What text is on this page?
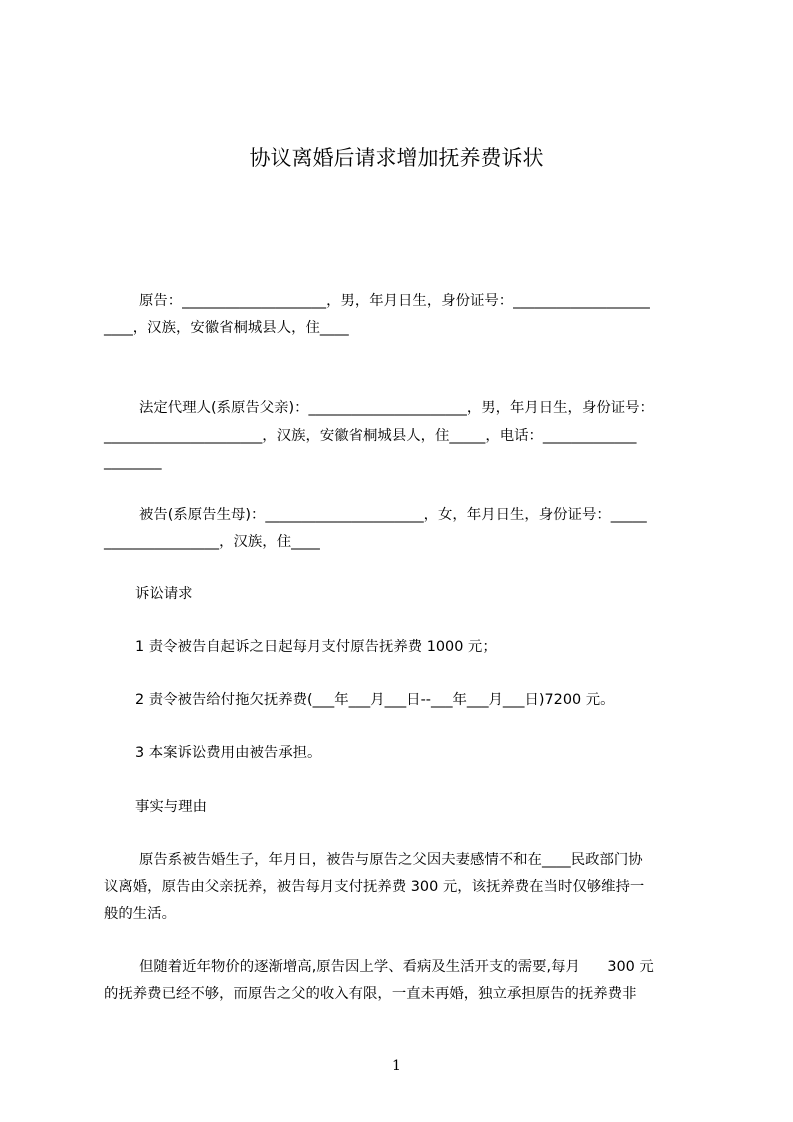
协议离婚后请求增加抚养费诉状
原告：____________________，男，年月日生，身份证号：___________________
____，汉族，安徽省桐城县人，住____
法定代理人(系原告父亲)：______________________，男，年月日生，身份证号：
______________________，汉族，安徽省桐城县人，住_____，电话：_____________
________
被告(系原告生母)：______________________，女，年月日生，身份证号：_____
________________，汉族，住____
诉讼请求
1 责令被告自起诉之日起每月支付原告抚养费 1000 元；
2 责令被告给付拖欠抚养费(___年___月___日--___年___月___日)7200 元。
3 本案诉讼费用由被告承担。
事实与理由
原告系被告婚生子，年月日，被告与原告之父因夫妻感情不和在____民政部门协
议离婚，原告由父亲抚养，被告每月支付抚养费 300 元，该抚养费在当时仅够维持一
般的生活。
但随着近年物价的逐渐增高,原告因上学、看病及生活开支的需要,每月      300 元
的抚养费已经不够，而原告之父的收入有限，一直未再婚，独立承担原告的抚养费非
1
